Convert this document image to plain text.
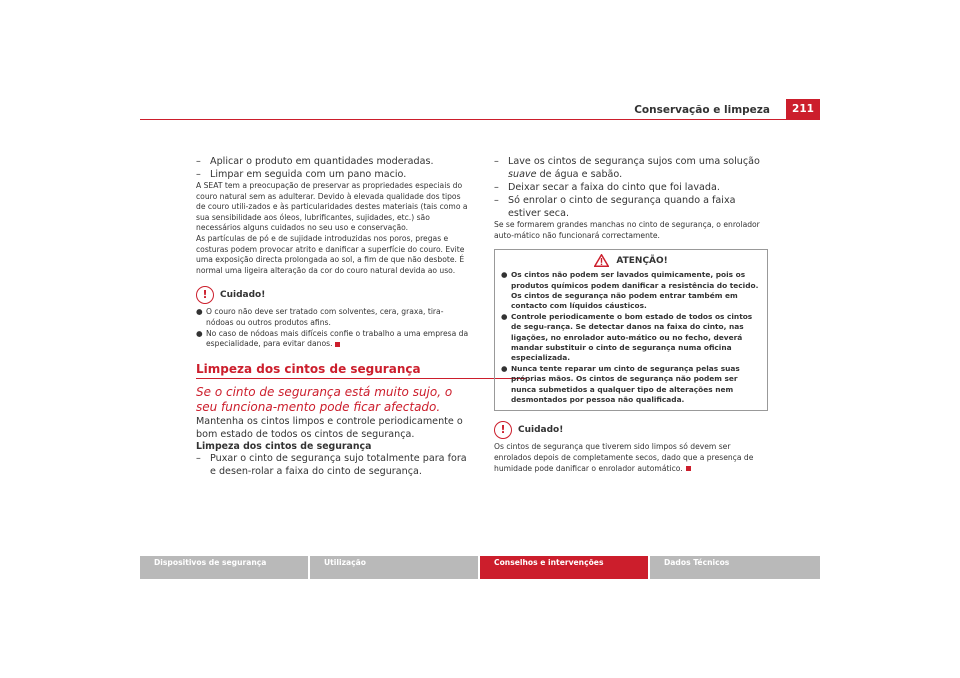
Conservação e limpeza	211

– Aplicar o produto em quantidades moderadas.

– Limpar em seguida com um pano macio.

A SEAT tem a preocupação de preservar as propriedades especiais do couro natural sem as adulterar. Devido à elevada qualidade dos tipos de couro utili-zados e às particularidades destes materiais (tais como a sua sensibilidade aos óleos, lubrificantes, sujidades, etc.) são necessários alguns cuidados no seu uso e conservação.

As partículas de pó e de sujidade introduzidas nos poros, pregas e costuras podem provocar atrito e danificar a superfície do couro. Evite uma exposição directa prolongada ao sol, a fim de que não desbote. É normal uma ligeira alteração da cor do couro natural devida ao uso.

!	Cuidado!

● O couro não deve ser tratado com solventes, cera, graxa, tira-nódoas ou outros produtos afins.

● No caso de nódoas mais difíceis confie o trabalho a uma empresa da especialidade, para evitar danos.

Limpeza dos cintos de segurança

Se o cinto de segurança está muito sujo, o seu funciona-mento pode ficar afectado.

Mantenha os cintos limpos e controle periodicamente o bom estado de todos os cintos de segurança.

Limpeza dos cintos de segurança

– Puxar o cinto de segurança sujo totalmente para fora e desen-rolar a faixa do cinto de segurança.

– Lave os cintos de segurança sujos com uma solução suave de água e sabão.

– Deixar secar a faixa do cinto que foi lavada.

– Só enrolar o cinto de segurança quando a faixa estiver seca.

Se se formarem grandes manchas no cinto de segurança, o enrolador auto-mático não funcionará correctamente.

ATENÇÃO!

● Os cintos não podem ser lavados quimicamente, pois os produtos químicos podem danificar a resistência do tecido. Os cintos de segurança não podem entrar também em contacto com líquidos cáusticos.

● Controle periodicamente o bom estado de todos os cintos de segu-rança. Se detectar danos na faixa do cinto, nas ligações, no enrolador auto-mático ou no fecho, deverá mandar substituir o cinto de segurança numa oficina especializada.

● Nunca tente reparar um cinto de segurança pelas suas próprias mãos. Os cintos de segurança não podem ser nunca submetidos a qualquer tipo de alterações nem desmontados por pessoa não qualificada.

!	Cuidado!

Os cintos de segurança que tiverem sido limpos só devem ser enrolados depois de completamente secos, dado que a presença de humidade pode danificar o enrolador automático.

Dispositivos de segurança	Utilização	Conselhos e intervenções	Dados Técnicos
